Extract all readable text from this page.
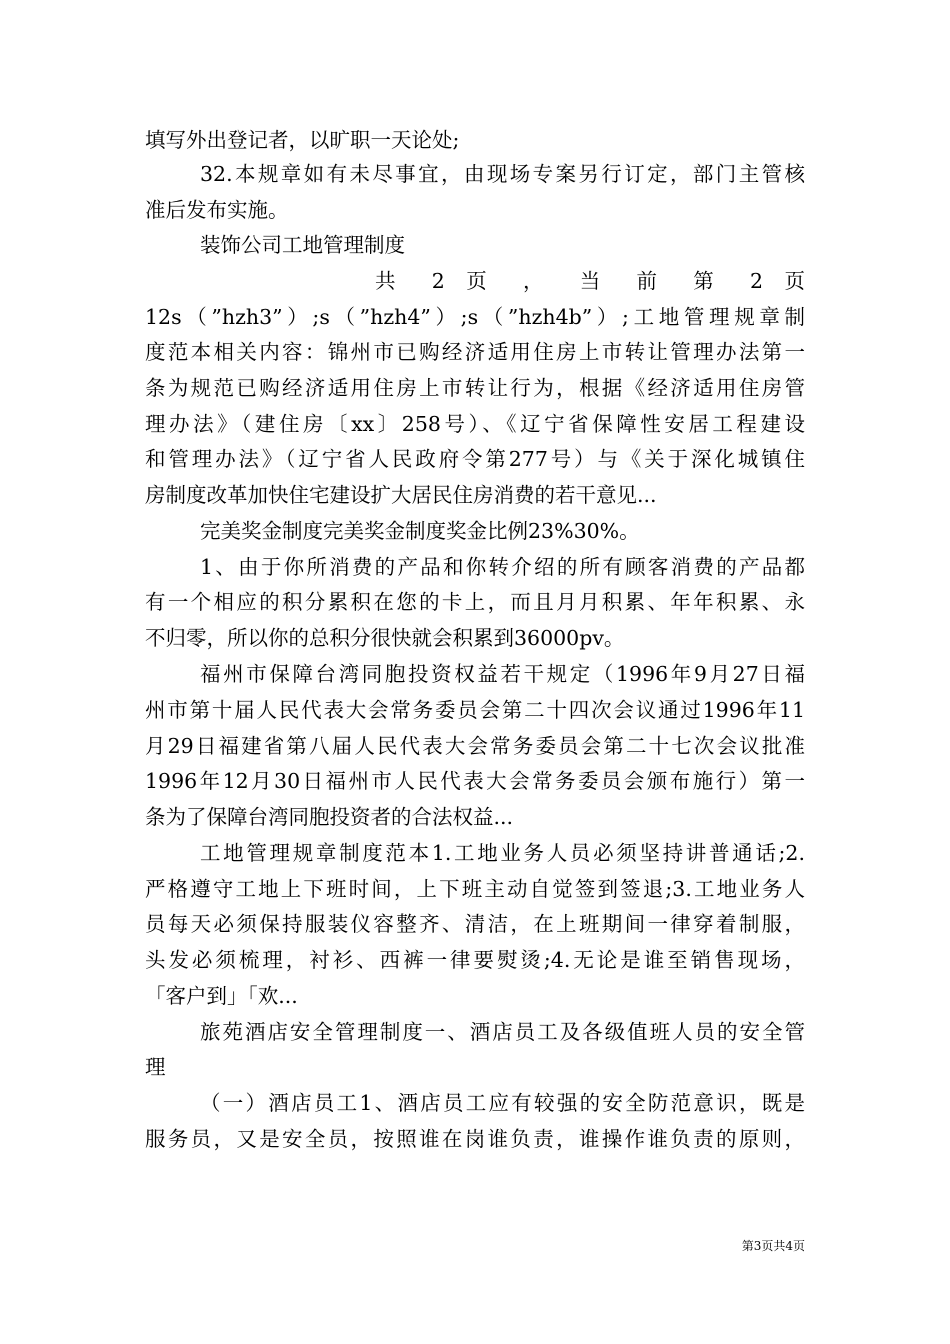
填写外出登记者，以旷职一天论处;
32.本规章如有未尽事宜，由现场专案另行订定，部门主管核
准后发布实施。
装饰公司工地管理制度
共 2 页 ， 当 前 第 2 页
12s（”hzh3”）;s（”hzh4”）;s（”hzh4b”）;工地管理规章制
度范本相关内容：锦州市已购经济适用住房上市转让管理办法第一
条为规范已购经济适用住房上市转让行为，根据《经济适用住房管
理办法》（建住房〔xx〕258号）、《辽宁省保障性安居工程建设
和管理办法》（辽宁省人民政府令第277号）与《关于深化城镇住
房制度改革加快住宅建设扩大居民住房消费的若干意见...
完美奖金制度完美奖金制度奖金比例23%30%。
1、由于你所消费的产品和你转介绍的所有顾客消费的产品都
有一个相应的积分累积在您的卡上，而且月月积累、年年积累、永
不归零，所以你的总积分很快就会积累到36000pv。
福州市保障台湾同胞投资权益若干规定（1996年9月27日福
州市第十届人民代表大会常务委员会第二十四次会议通过1996年11
月29日福建省第八届人民代表大会常务委员会第二十七次会议批准
1996年12月30日福州市人民代表大会常务委员会颁布施行）第一
条为了保障台湾同胞投资者的合法权益...
工地管理规章制度范本1.工地业务人员必须坚持讲普通话;2.
严格遵守工地上下班时间，上下班主动自觉签到签退;3.工地业务人
员每天必须保持服装仪容整齐、清洁，在上班期间一律穿着制服，
头发必须梳理，衬衫、西裤一律要熨烫;4.无论是谁至销售现场，
「客户到」「欢...
旅苑酒店安全管理制度一、酒店员工及各级值班人员的安全管
理
（一）酒店员工1、酒店员工应有较强的安全防范意识，既是
服务员，又是安全员，按照谁在岗谁负责，谁操作谁负责的原则，
第3页共4页
